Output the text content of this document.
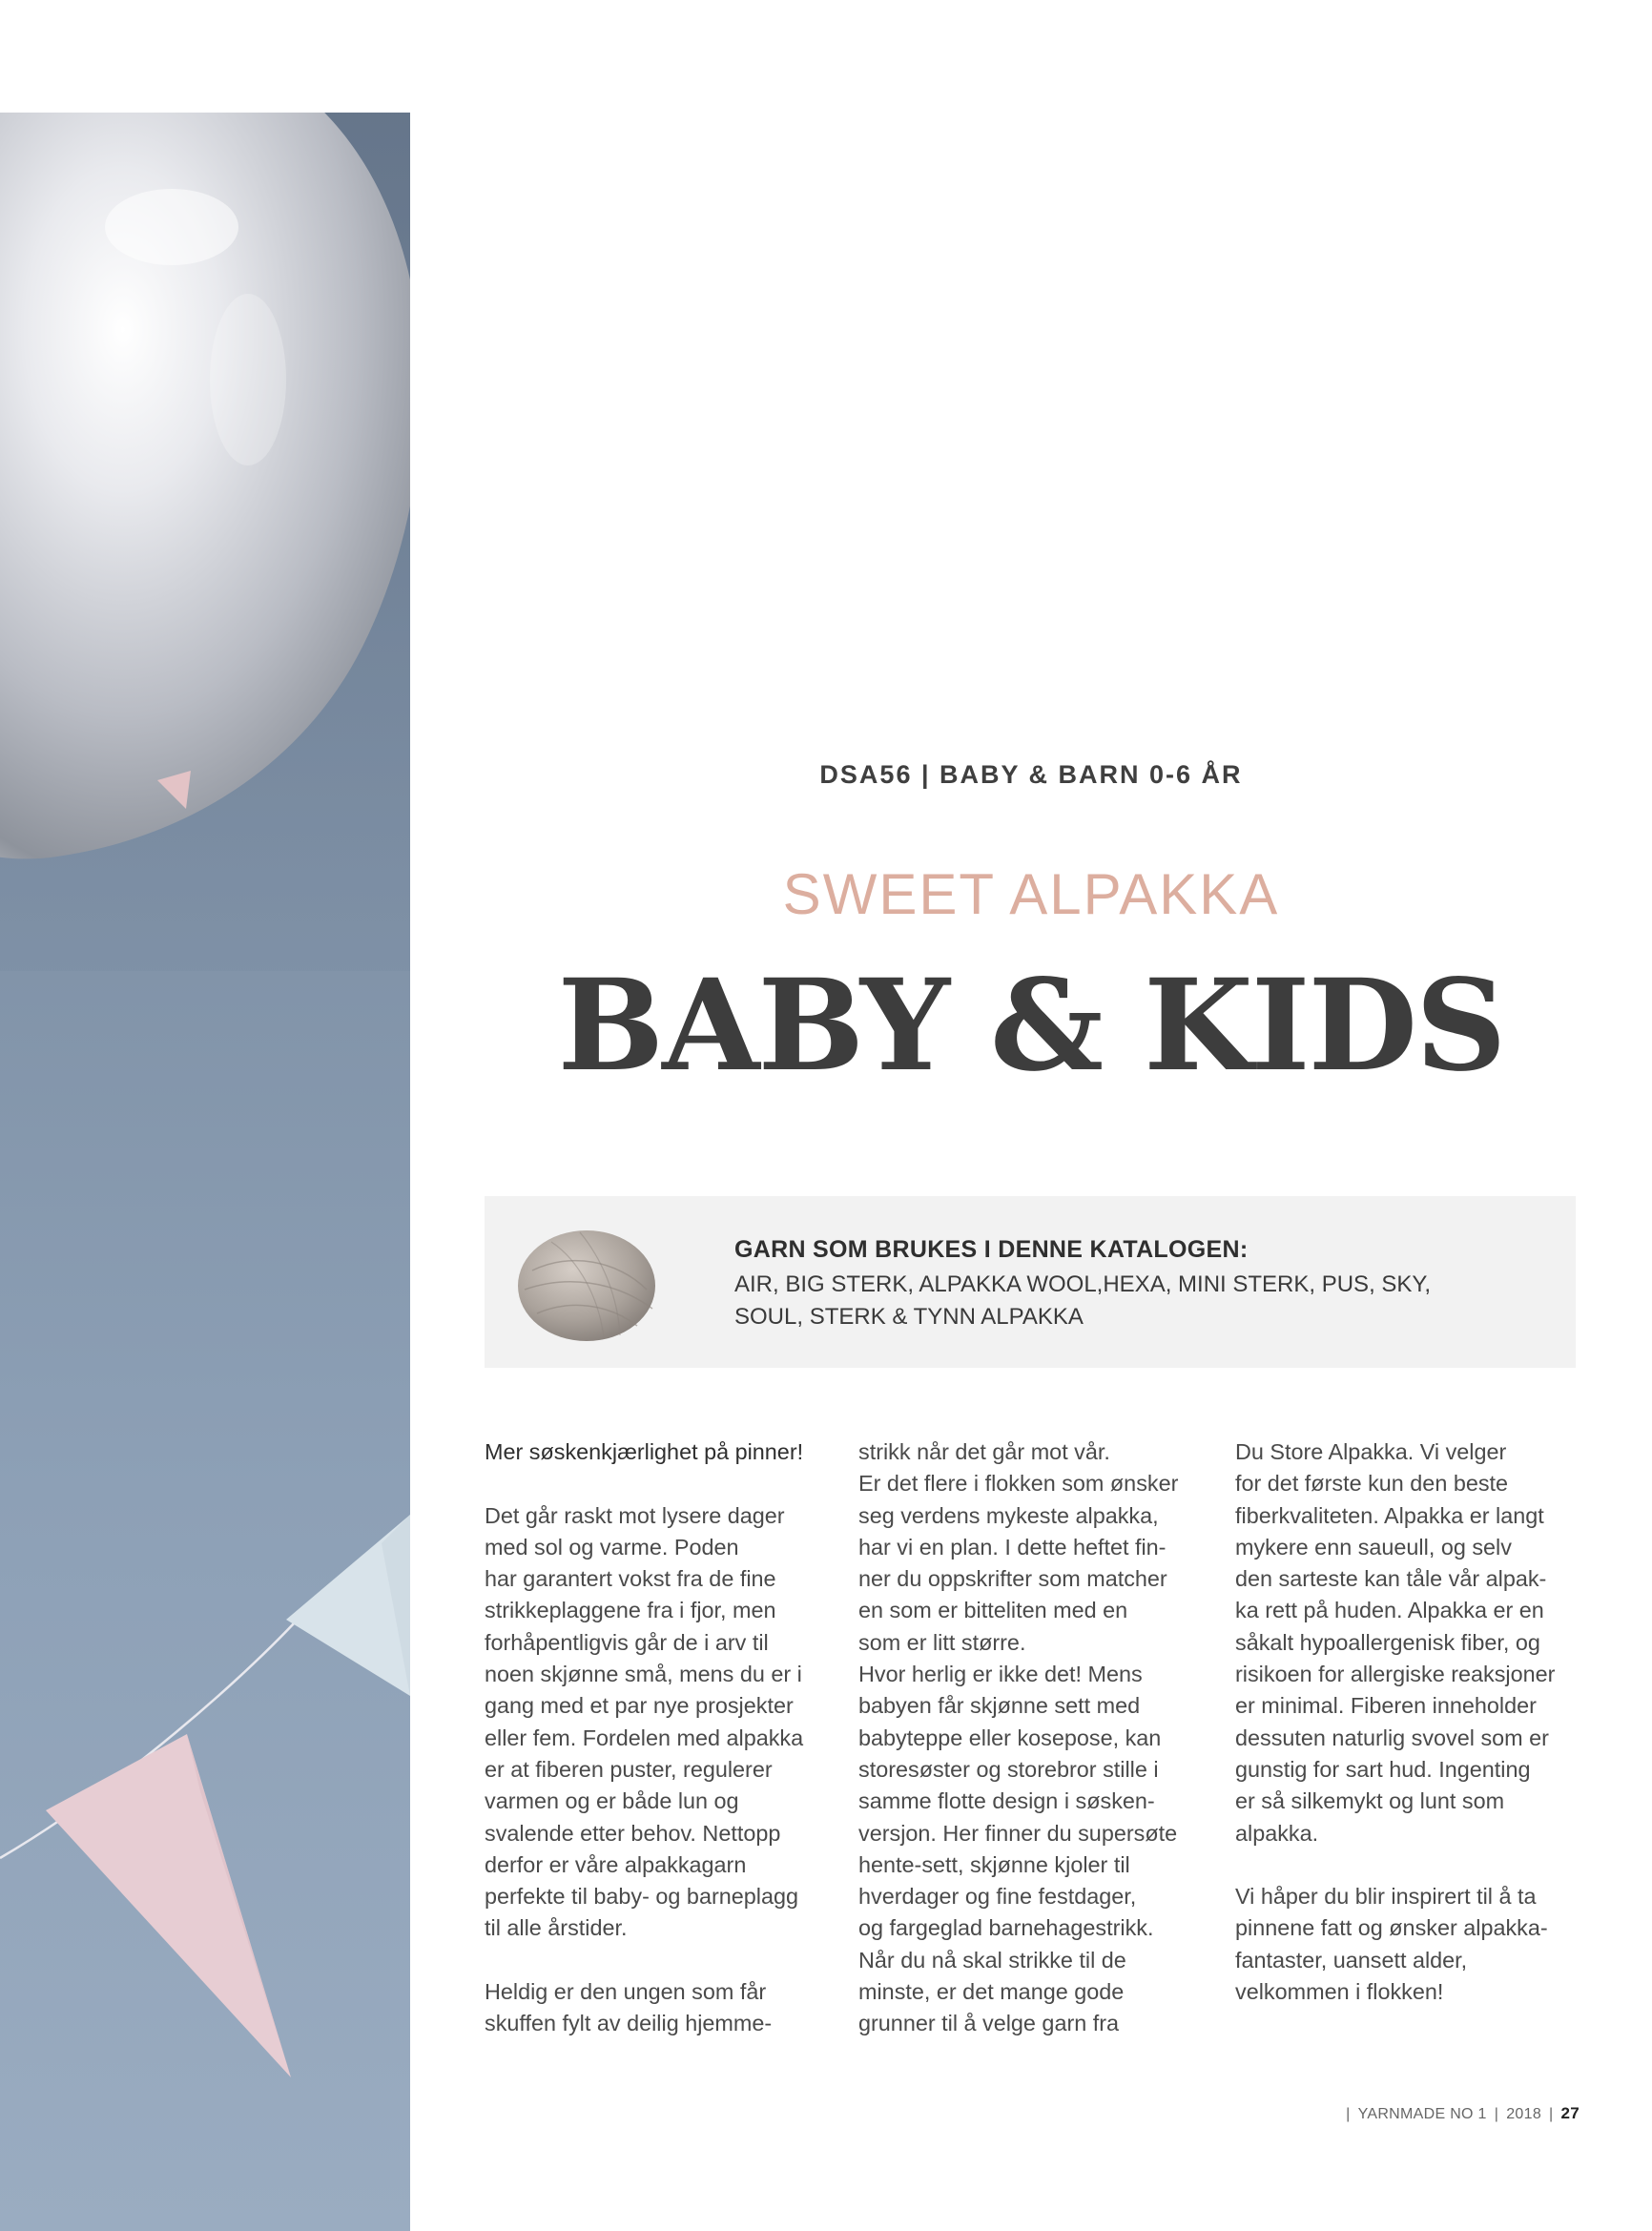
DSA56 | BABY & BARN 0-6 ÅR
SWEET ALPAKKA
BABY & KIDS
GARN SOM BRUKES I DENNE KATALOGEN:
AIR, BIG STERK, ALPAKKA WOOL,HEXA, MINI STERK, PUS, SKY,
SOUL, STERK & TYNN ALPAKKA

Mer søskenkjærlighet på pinner!

Det går raskt mot lysere dager

med sol og varme. Poden

har garantert vokst fra de fine

strikkeplaggene fra i fjor, men

forhåpentligvis går de i arv til

noen skjønne små, mens du er i

gang med et par nye prosjekter

eller fem. Fordelen med alpakka

er at fiberen puster, regulerer

varmen og er både lun og

svalende etter behov. Nettopp

derfor er våre alpakkagarn

perfekte til baby- og barneplagg

til alle årstider.

Heldig er den ungen som får

skuffen fylt av deilig hjemme-

strikk når det går mot vår.

Er det flere i flokken som ønsker

seg verdens mykeste alpakka,

har vi en plan. I dette heftet fin-

ner du oppskrifter som matcher

en som er bitteliten med en

som er litt større.

Hvor herlig er ikke det! Mens

babyen får skjønne sett med

babyteppe eller kosepose, kan

storesøster og storebror stille i

samme flotte design i søsken-

versjon. Her finner du supersøte

hente-sett, skjønne kjoler til

hverdager og fine festdager,

og fargeglad barnehagestrikk.

Når du nå skal strikke til de

minste, er det mange gode

grunner til å velge garn fra

Du Store Alpakka. Vi velger

for det første kun den beste

fiberkvaliteten. Alpakka er langt

mykere enn saueull, og selv

den sarteste kan tåle vår alpak-

ka rett på huden. Alpakka er en

såkalt hypoallergenisk fiber, og

risikoen for allergiske reaksjoner

er minimal. Fiberen inneholder

dessuten naturlig svovel som er

gunstig for sart hud. Ingenting

er så silkemykt og lunt som

alpakka.

Vi håper du blir inspirert til å ta

pinnene fatt og ønsker alpakka-

fantaster, uansett alder,

velkommen i flokken!

| YARNMADE NO 1 | 2018 | 27
